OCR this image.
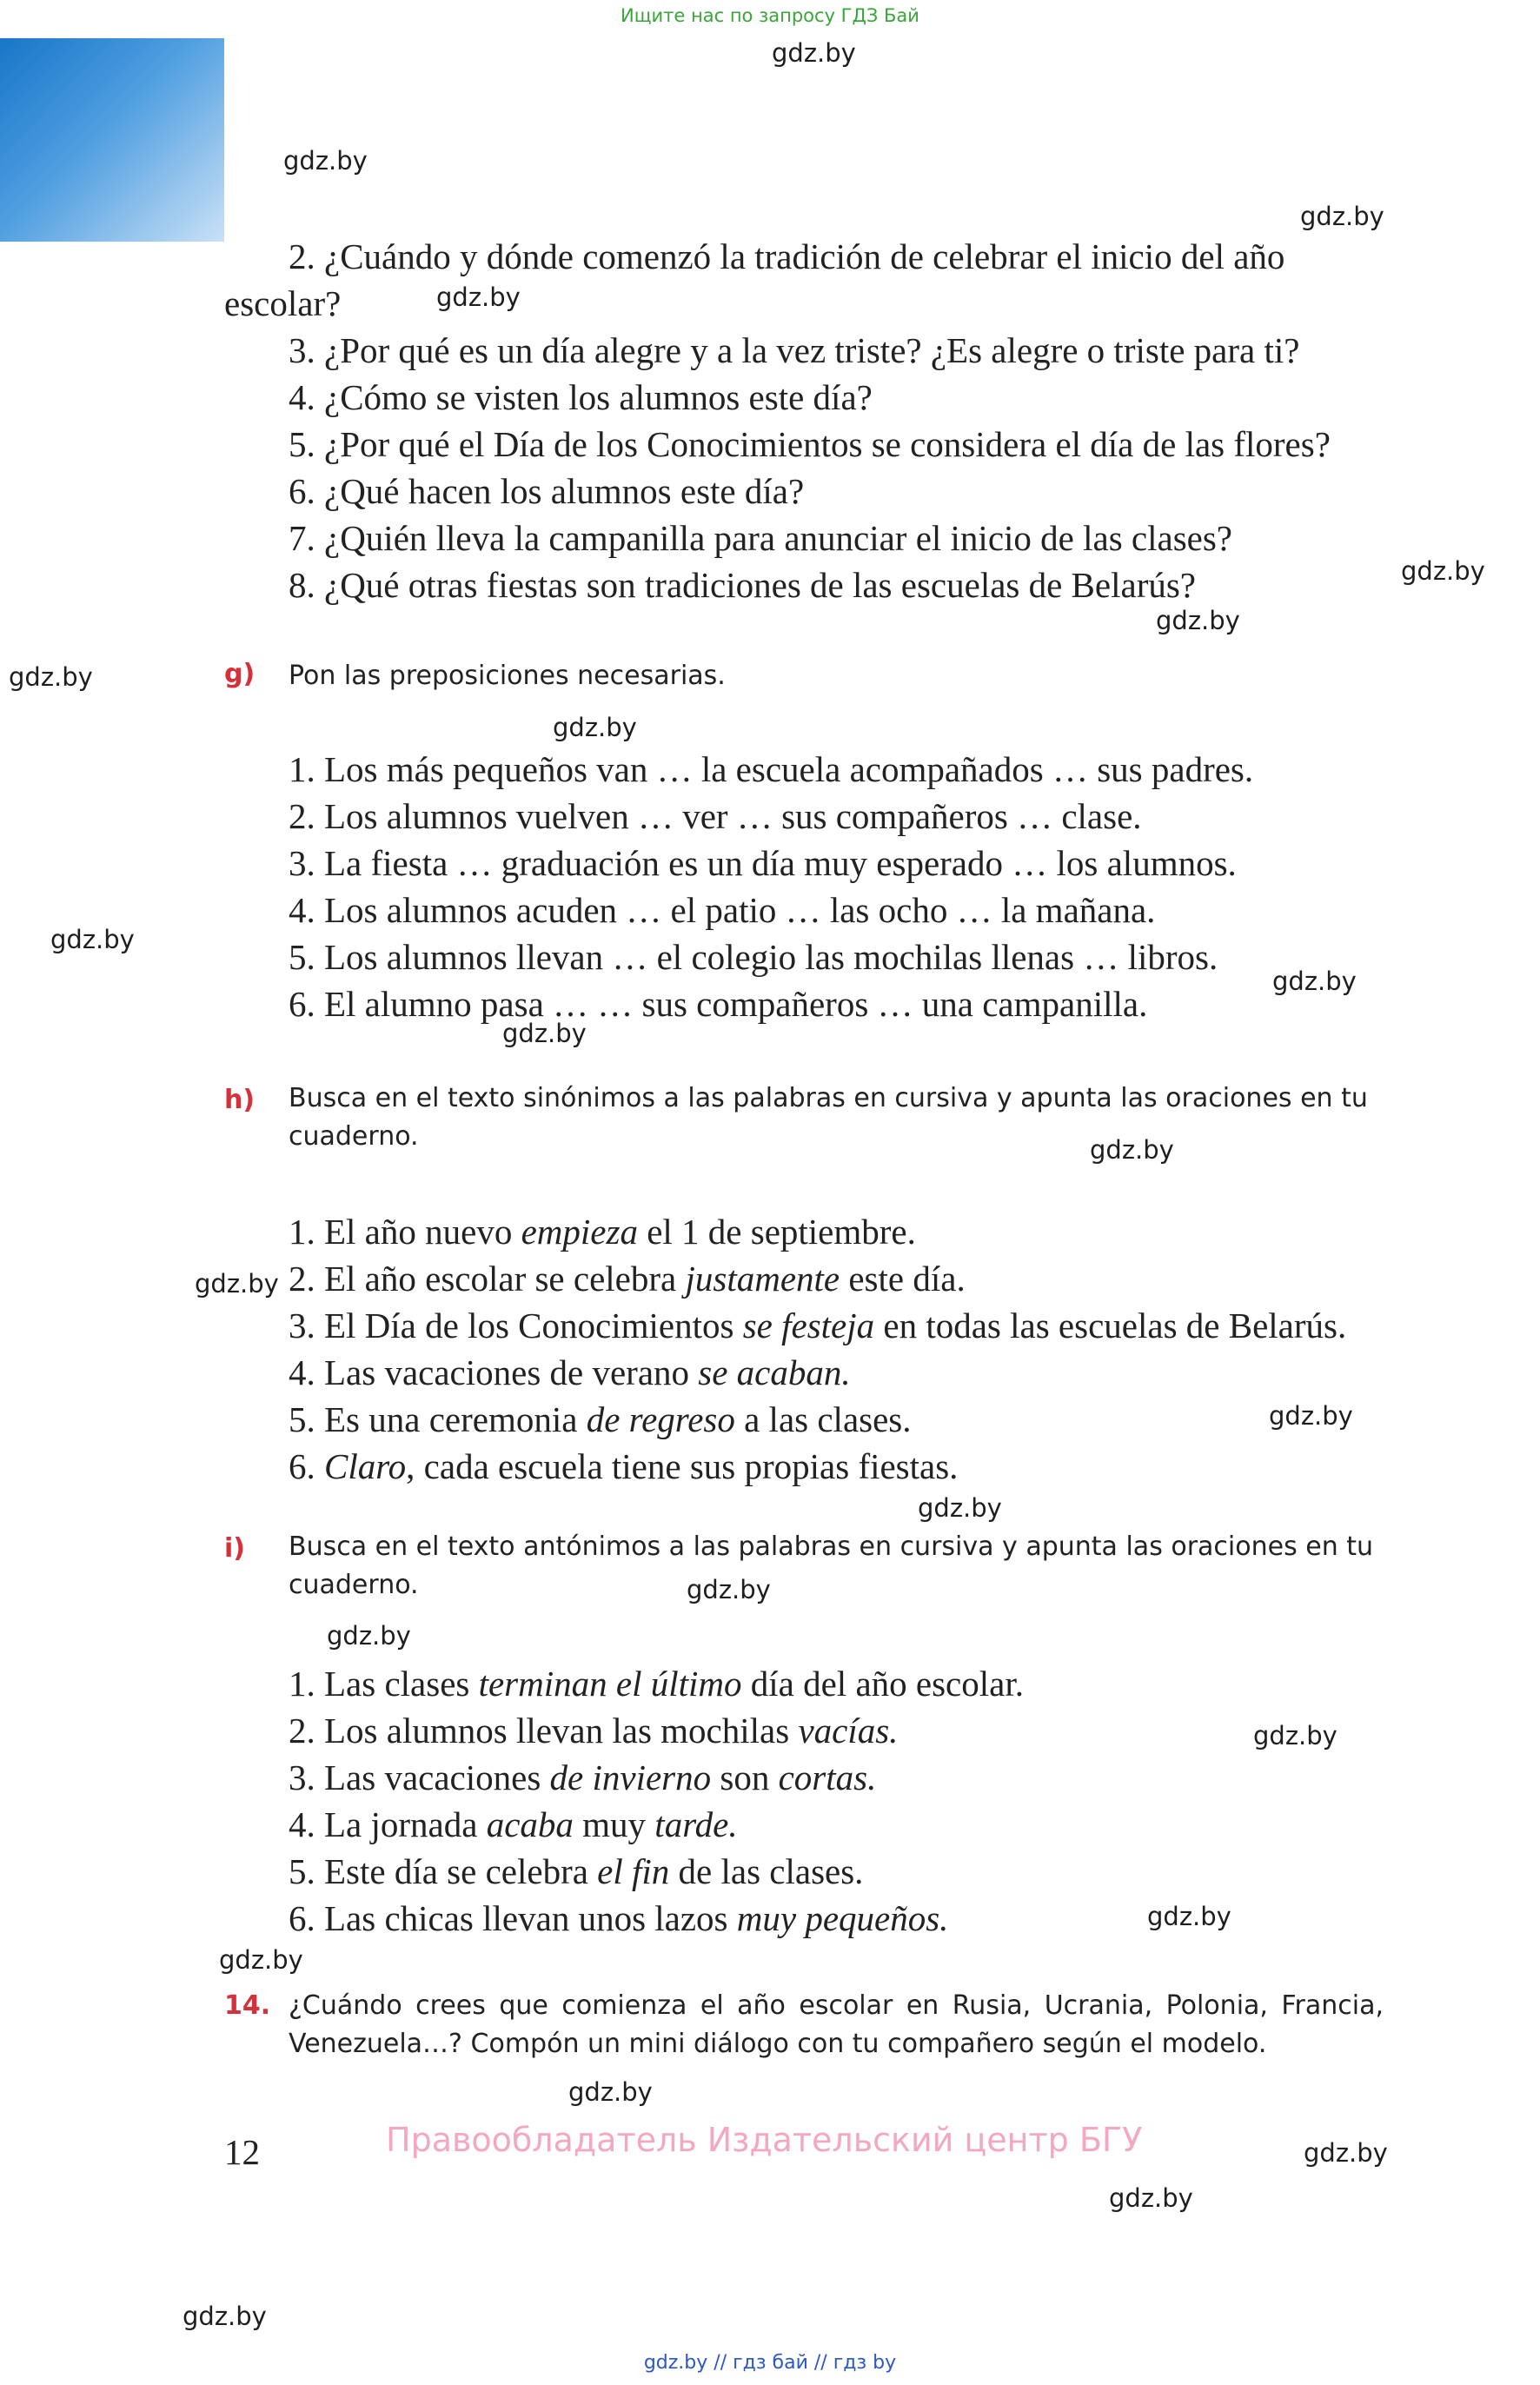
Ищите нас по запросу ГДЗ Бай
gdz.by
gdz.by
gdz.by
gdz.by
gdz.by
gdz.by
gdz.by
gdz.by
gdz.by
gdz.by
gdz.by
gdz.by
gdz.by
gdz.by
gdz.by
gdz.by
gdz.by
gdz.by
gdz.by
gdz.by
gdz.by
gdz.by
gdz.by
gdz.by
2. ¿Cuándo y dónde comenzó la tradición de celebrar el inicio del año
escolar?
3. ¿Por qué es un día alegre y a la vez triste? ¿Es alegre o triste para ti?
4. ¿Cómo se visten los alumnos este día?
5. ¿Por qué el Día de los Conocimientos se considera el día de las flores?
6. ¿Qué hacen los alumnos este día?
7. ¿Quién lleva la campanilla para anunciar el inicio de las clases?
8. ¿Qué otras fiestas son tradiciones de las escuelas de Belarús?
g) Pon las preposiciones necesarias.
1. Los más pequeños van … la escuela acompañados … sus padres.
2. Los alumnos vuelven … ver … sus compañeros … clase.
3. La fiesta … graduación es un día muy esperado … los alumnos.
4. Los alumnos acuden … el patio … las ocho … la mañana.
5. Los alumnos llevan … el colegio las mochilas llenas … libros.
6. El alumno pasa … … sus compañeros … una campanilla.
h) Busca en el texto sinónimos a las palabras en cursiva y apunta las oraciones en tu cuaderno.
1. El año nuevo empieza el 1 de septiembre.
2. El año escolar se celebra justamente este día.
3. El Día de los Conocimientos se festeja en todas las escuelas de Belarús.
4. Las vacaciones de verano se acaban.
5. Es una ceremonia de regreso a las clases.
6. Claro, cada escuela tiene sus propias fiestas.
i) Busca en el texto antónimos a las palabras en cursiva y apunta las oraciones en tu cuaderno.
1. Las clases terminan el último día del año escolar.
2. Los alumnos llevan las mochilas vacías.
3. Las vacaciones de invierno son cortas.
4. La jornada acaba muy tarde.
5. Este día se celebra el fin de las clases.
6. Las chicas llevan unos lazos muy pequeños.
14. ¿Cuándo crees que comienza el año escolar en Rusia, Ucrania, Polonia, Francia, Venezuela…? Compón un mini diálogo con tu compañero según el modelo.
12	Правообладатель Издательский центр БГУ
gdz.by // гдз бай // гдз by
